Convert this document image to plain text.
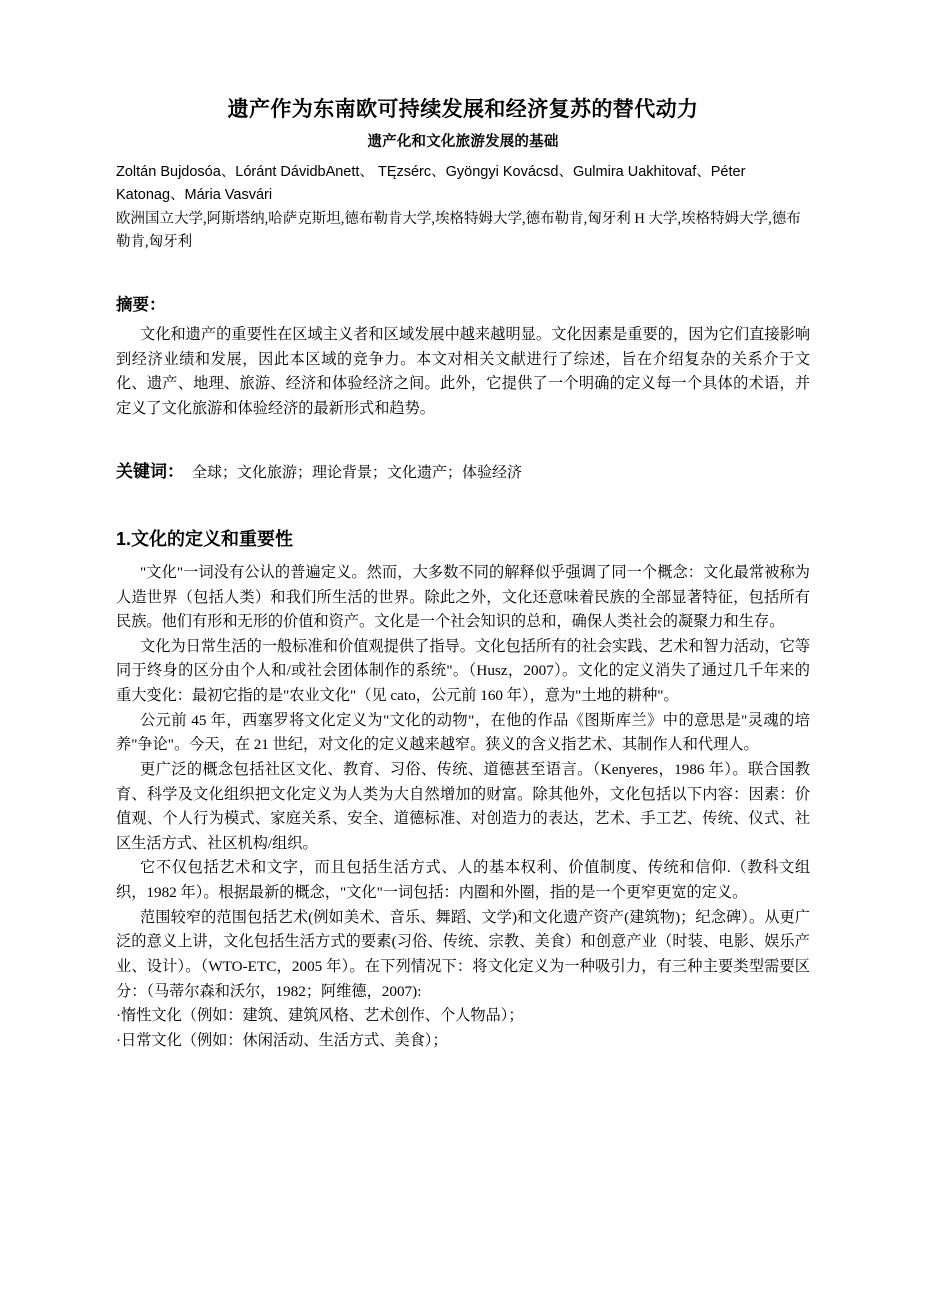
遗产作为东南欧可持续发展和经济复苏的替代动力
遗产化和文化旅游发展的基础
Zoltán Bujdosóa、Lóránt DávidbAnett、 TĘzsérc、Gyöngyi Kovácsd、Gulmira Uakhitovaf、Péter Katonag、Mária Vasvári
欧洲国立大学,阿斯塔纳,哈萨克斯坦,德布勒肯大学,埃格特姆大学,德布勒肯,匈牙利 H 大学,埃格特姆大学,德布勒肯,匈牙利
摘要：

文化和遗产的重要性在区域主义者和区域发展中越来越明显。文化因素是重要的，因为它们直接影响到经济业绩和发展，因此本区域的竞争力。本文对相关文献进行了综述，旨在介绍复杂的关系介于文化、遗产、地理、旅游、经济和体验经济之间。此外，它提供了一个明确的定义每一个具体的术语，并定义了文化旅游和体验经济的最新形式和趋势。

关键词： 全球；文化旅游；理论背景；文化遗产；体验经济
1.文化的定义和重要性

"文化"一词没有公认的普遍定义。然而，大多数不同的解释似乎强调了同一个概念：文化最常被称为人造世界（包括人类）和我们所生活的世界。除此之外，文化还意味着民族的全部显著特征，包括所有民族。他们有形和无形的价值和资产。文化是一个社会知识的总和，确保人类社会的凝聚力和生存。

文化为日常生活的一般标准和价值观提供了指导。文化包括所有的社会实践、艺术和智力活动，它等同于终身的区分由个人和/或社会团体制作的系统"。（Husz，2007）。文化的定义消失了通过几千年来的重大变化：最初它指的是"农业文化"（见 cato，公元前 160 年），意为"土地的耕种"。

公元前 45 年，西塞罗将文化定义为"文化的动物"，在他的作品《图斯库兰》中的意思是"灵魂的培养"争论"。今天，在 21 世纪，对文化的定义越来越窄。狭义的含义指艺术、其制作人和代理人。

更广泛的概念包括社区文化、教育、习俗、传统、道德甚至语言。（Kenyeres，1986 年）。联合国教育、科学及文化组织把文化定义为人类为大自然增加的财富。除其他外，文化包括以下内容：因素：价值观、个人行为模式、家庭关系、安全、道德标准、对创造力的表达，艺术、手工艺、传统、仪式、社区生活方式、社区机构/组织。

它不仅包括艺术和文字，而且包括生活方式、人的基本权利、价值制度、传统和信仰.（教科文组织，1982 年）。根据最新的概念，"文化"一词包括：内圈和外圈，指的是一个更窄更宽的定义。

范围较窄的范围包括艺术(例如美术、音乐、舞蹈、文学)和文化遗产资产(建筑物)；纪念碑）。从更广泛的意义上讲，文化包括生活方式的要素(习俗、传统、宗教、美食）和创意产业（时装、电影、娱乐产业、设计）。（WTO-ETC，2005 年）。在下列情况下：将文化定义为一种吸引力，有三种主要类型需要区分：（马蒂尔森和沃尔，1982；阿维德，2007):

·惰性文化（例如：建筑、建筑风格、艺术创作、个人物品）；

·日常文化（例如：休闲活动、生活方式、美食）；
